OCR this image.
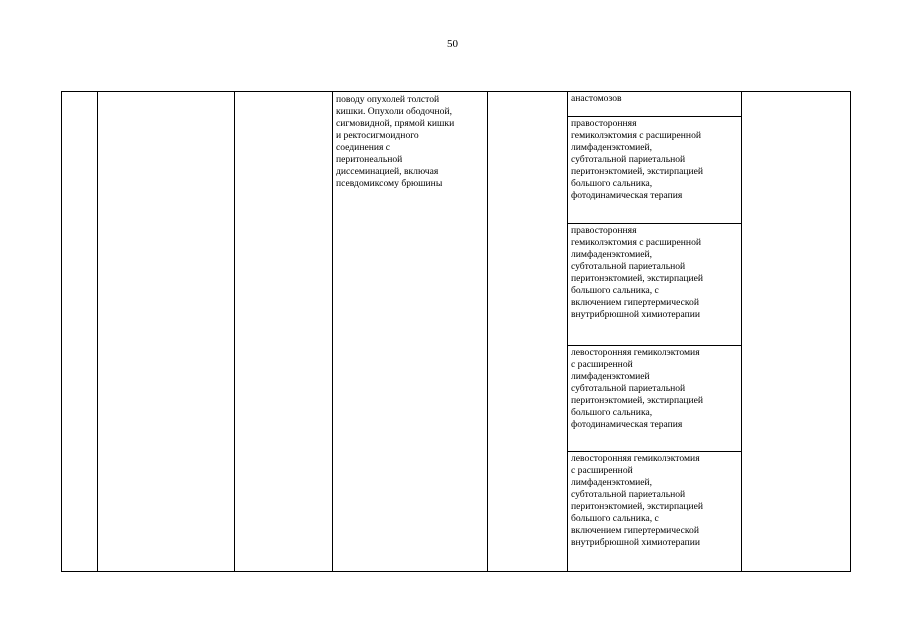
50

поводу опухолей толстой
кишки. Опухоли ободочной,
сигмовидной, прямой кишки
и ректосигмоидного
соединения с
перитонеальной
диссеминацией, включая
псевдомиксому брюшины

анастомозов

правосторонняя
гемиколэктомия с расширенной
лимфаденэктомией,
субтотальной париетальной
перитонэктомией, экстирпацией
большого сальника,
фотодинамическая терапия

правосторонняя
гемиколэктомия с расширенной
лимфаденэктомией,
субтотальной париетальной
перитонэктомией, экстирпацией
большого сальника, с
включением гипертермической
внутрибрюшной химиотерапии

левосторонняя гемиколэктомия
с расширенной
лимфаденэктомией
субтотальной париетальной
перитонэктомией, экстирпацией
большого сальника,
фотодинамическая терапия

левосторонняя гемиколэктомия
с расширенной
лимфаденэктомией,
субтотальной париетальной
перитонэктомией, экстирпацией
большого сальника, с
включением гипертермической
внутрибрюшной химиотерапии
